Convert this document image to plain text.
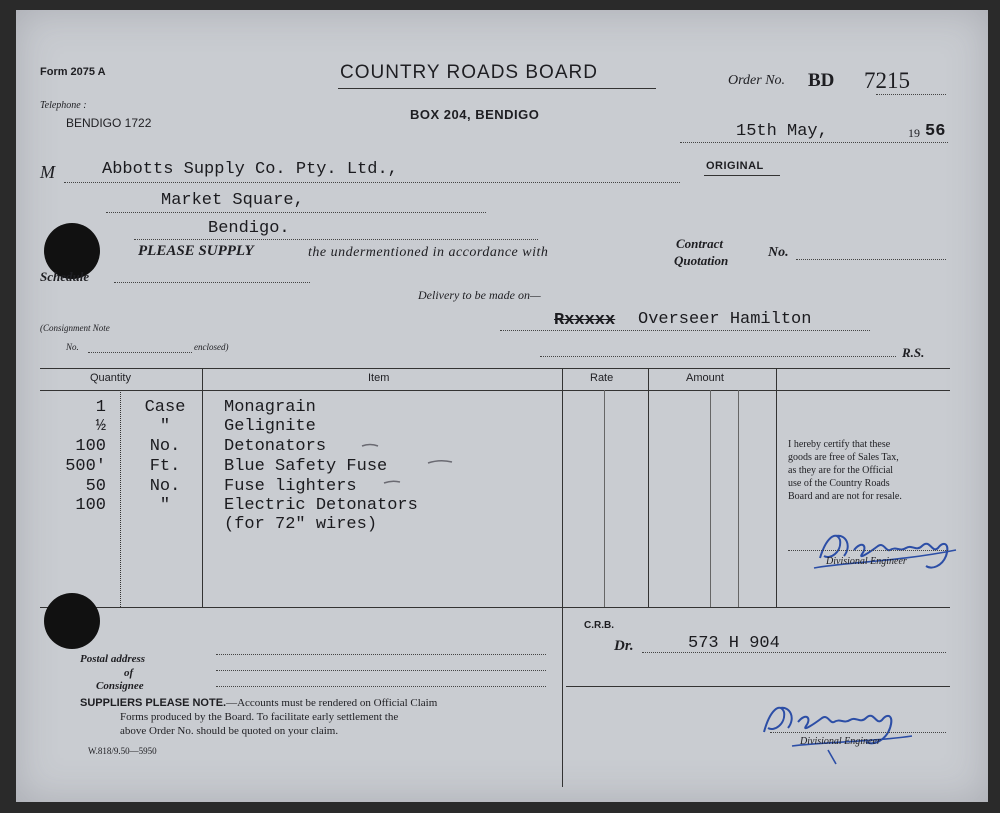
Form 2075 A
Telephone :
BENDIGO 1722
COUNTRY ROADS BOARD
BOX 204, BENDIGO
Order No. BD 7215
15th May,	19 56
ORIGINAL
M	Abbotts Supply Co. Pty. Ltd.,
Market Square,
Bendigo.
PLEASE SUPPLY	the undermentioned in accordance with
Contract
Quotation
No.
Schedule
Delivery to be made on—
(Consignment Note
No.	enclosed)
Rxxxxx Overseer Hamilton
R.S.
Quantity	Item	Rate	Amount
1	Case	Monagrain
½	"	Gelignite
100	No.	Detonators
500'	Ft.	Blue Safety Fuse
50	No.	Fuse lighters
100	"	Electric Detonators
(for 72" wires)
I hereby certify that these
goods are free of Sales Tax,
as they are for the Official
use of the Country Roads
Board and are not for resale.
Divisional Engineer
Postal address
of
Consignee
SUPPLIERS PLEASE NOTE.—Accounts must be rendered on Official Claim
Forms produced by the Board. To facilitate early settlement the
above Order No. should be quoted on your claim.
W.818/9.50—5950
C.R.B.
Dr.	573 H 904
Divisional Engineer
